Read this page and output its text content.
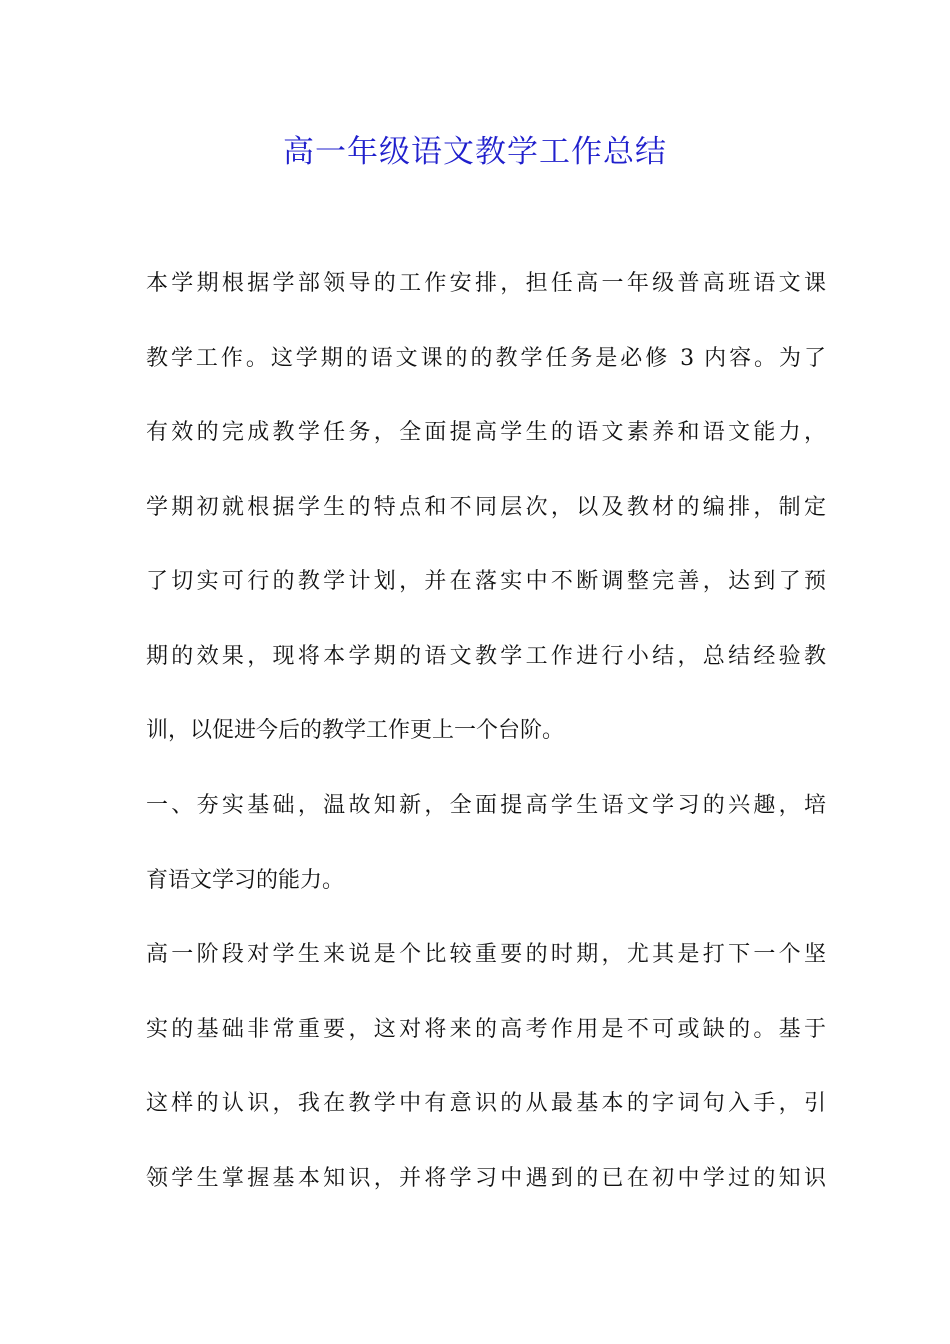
高一年级语文教学工作总结

本学期根据学部领导的工作安排，担任高一年级普高班语文课

教学工作。这学期的语文课的的教学任务是必修 3 内容。为了

有效的完成教学任务，全面提高学生的语文素养和语文能力，

学期初就根据学生的特点和不同层次，以及教材的编排，制定

了切实可行的教学计划，并在落实中不断调整完善，达到了预

期的效果，现将本学期的语文教学工作进行小结，总结经验教

训，以促进今后的教学工作更上一个台阶。

一、夯实基础，温故知新，全面提高学生语文学习的兴趣，培

育语文学习的能力。

高一阶段对学生来说是个比较重要的时期，尤其是打下一个坚

实的基础非常重要，这对将来的高考作用是不可或缺的。基于

这样的认识，我在教学中有意识的从最基本的字词句入手，引

领学生掌握基本知识，并将学习中遇到的已在初中学过的知识
